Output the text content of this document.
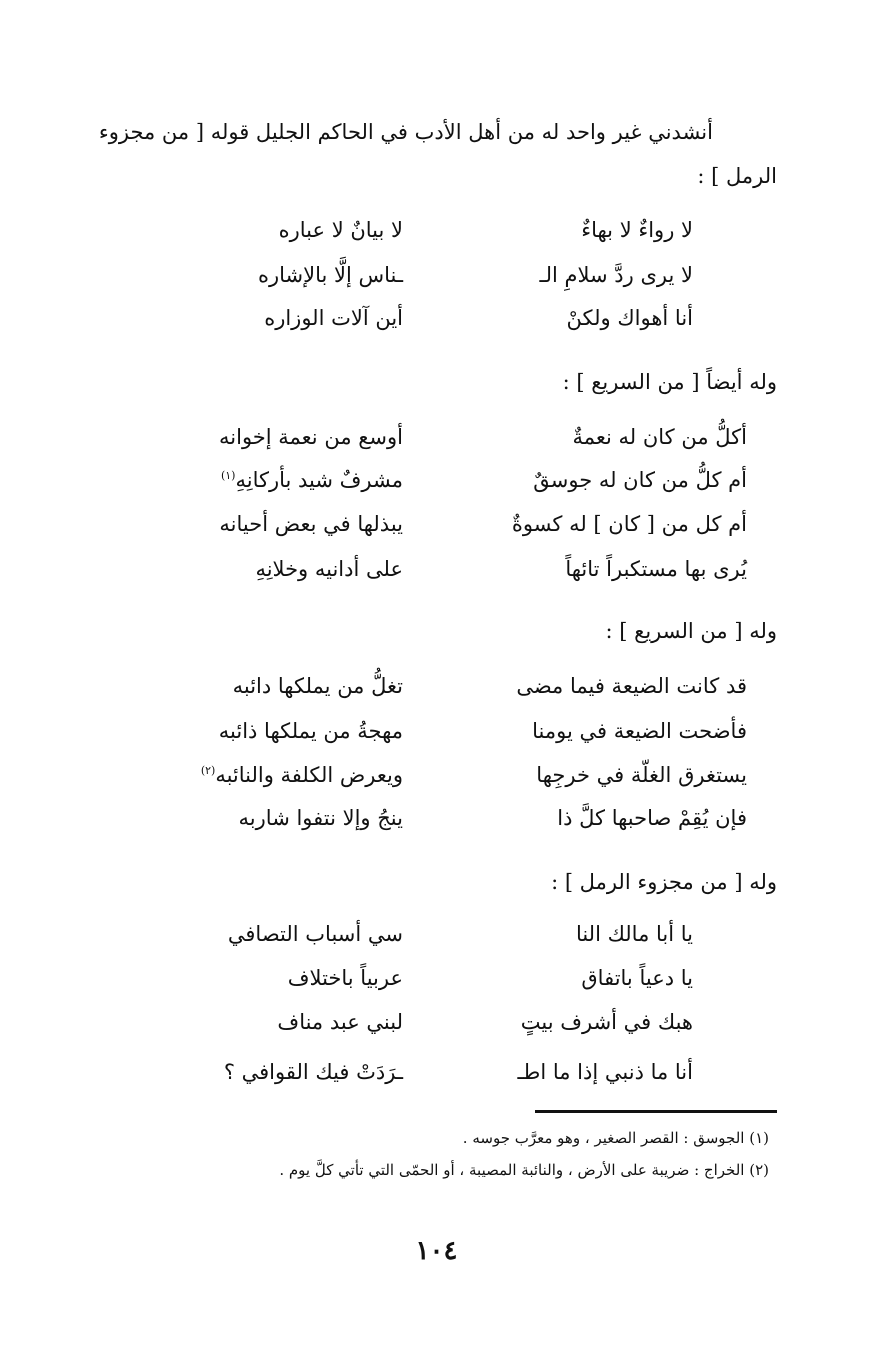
أنشدني غير واحد له من أهل الأدب في الحاكم الجليل قوله [ من مجزوء
الرمل ] :
لا رواءٌ لا بهاءٌ
لا بيانٌ لا عباره
لا يرى ردَّ سلامِ الـ
ـناس إلَّا بالإشاره
أنا أهواك ولكنْ
أين آلات الوزاره
وله أيضاً [ من السريع ] :
أكلُّ من كان له نعمةٌ
أوسع من نعمة إخوانه
أم كلُّ من كان له جوسقٌ
مشرفٌ شيد بأركانِهِ$^{(١)}$
أم كل من [ كان ] له كسوةٌ
يبذلها في بعض أحيانه
يُرى بها مستكبراً تائهاً
على أدانيه وخلانِهِ
وله [ من السريع ] :
قد كانت الضيعة فيما مضى
تغلُّ من يملكها دائبه
فأضحت الضيعة في يومنا
مهجةُ من يملكها ذائبه
يستغرق الغلّة في خرجِها
ويعرض الكلفة والنائبه$^{(٢)}$
فإن يُقِمْ صاحبها كلَّ ذا
ينجُ وإلا نتفوا شاربه
وله [ من مجزوء الرمل ] :
يا أبا مالك النا
سي أسباب التصافي
يا دعياً باتفاق
عربياً باختلاف
هبك في أشرف بيتٍ
لبني عبد مناف
أنا ما ذنبي إذا ما اطـ
ـرَدَتْ فيك القوافي ؟
(١) الجوسق : القصر الصغير ، وهو معرَّب جوسه .
(٢) الخراج : ضريبة على الأرض ، والنائبة المصيبة ، أو الحمّى التي تأتي كلَّ يوم .
١٠٤
